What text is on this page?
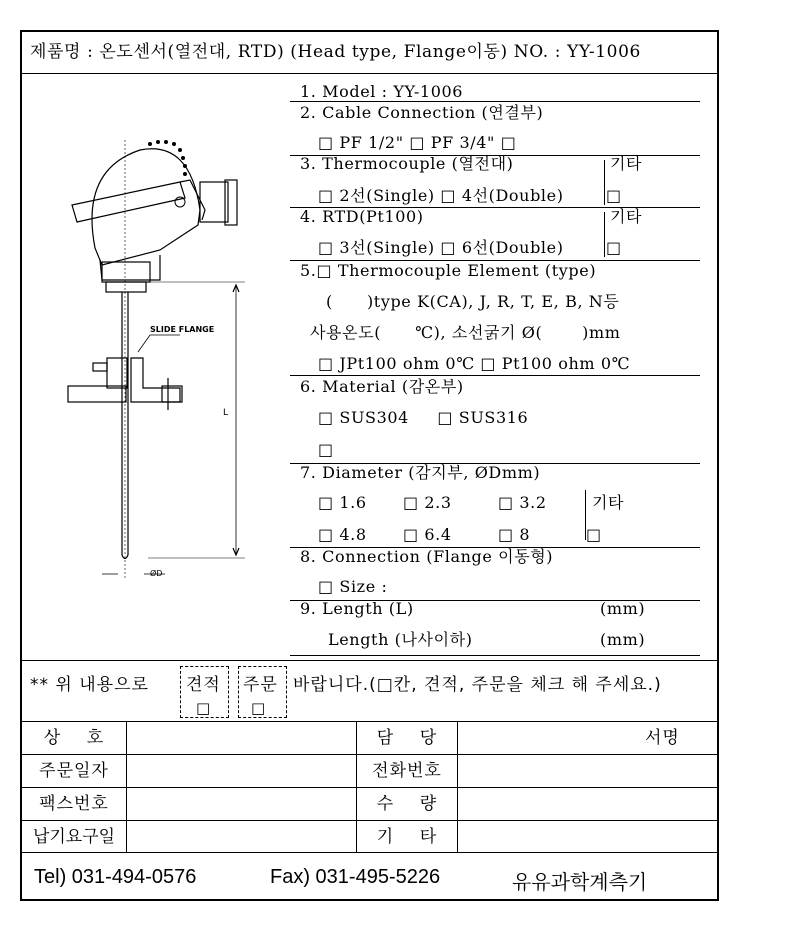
제품명 : 온도센서(열전대, RTD) (Head type, Flange이동) NO. : YY-1006
SLIDE FLANGE
L
ØD
1. Model : YY-1006
2. Cable Connection (연결부)
□ PF 1/2" □ PF 3/4" □
3. Thermocouple (열전대)	기타
□ 2선(Single) □ 4선(Double)	□
4. RTD(Pt100)	기타
□ 3선(Single) □ 6선(Double)	□
5.□ Thermocouple Element (type)
(      )type K(CA), J, R, T, E, B, N등
사용온도(      ℃), 소선굵기 Ø(       )mm
□ JPt100 ohm 0℃ □ Pt100 ohm 0℃
6. Material (감온부)
□ SUS304     □ SUS316
□
7. Diameter (감지부, ØDmm)
□ 1.6 □ 2.3	□ 3.2	기타
□ 4.8 □ 6.4	□ 8	□
8. Connection (Flange 이동형)
□ Size :
9. Length (L)	(mm)
Length (나사이하)	(mm)
** 위 내용으로 견적
□
주문
□
바랍니다.(□칸, 견적, 주문을 체크 해 주세요.)
상    호	담    당	서명
주문일자	전화번호
팩스번호	수    량
납기요구일	기    타
Tel) 031-494-0576	Fax) 031-495-5226	유유과학계측기
